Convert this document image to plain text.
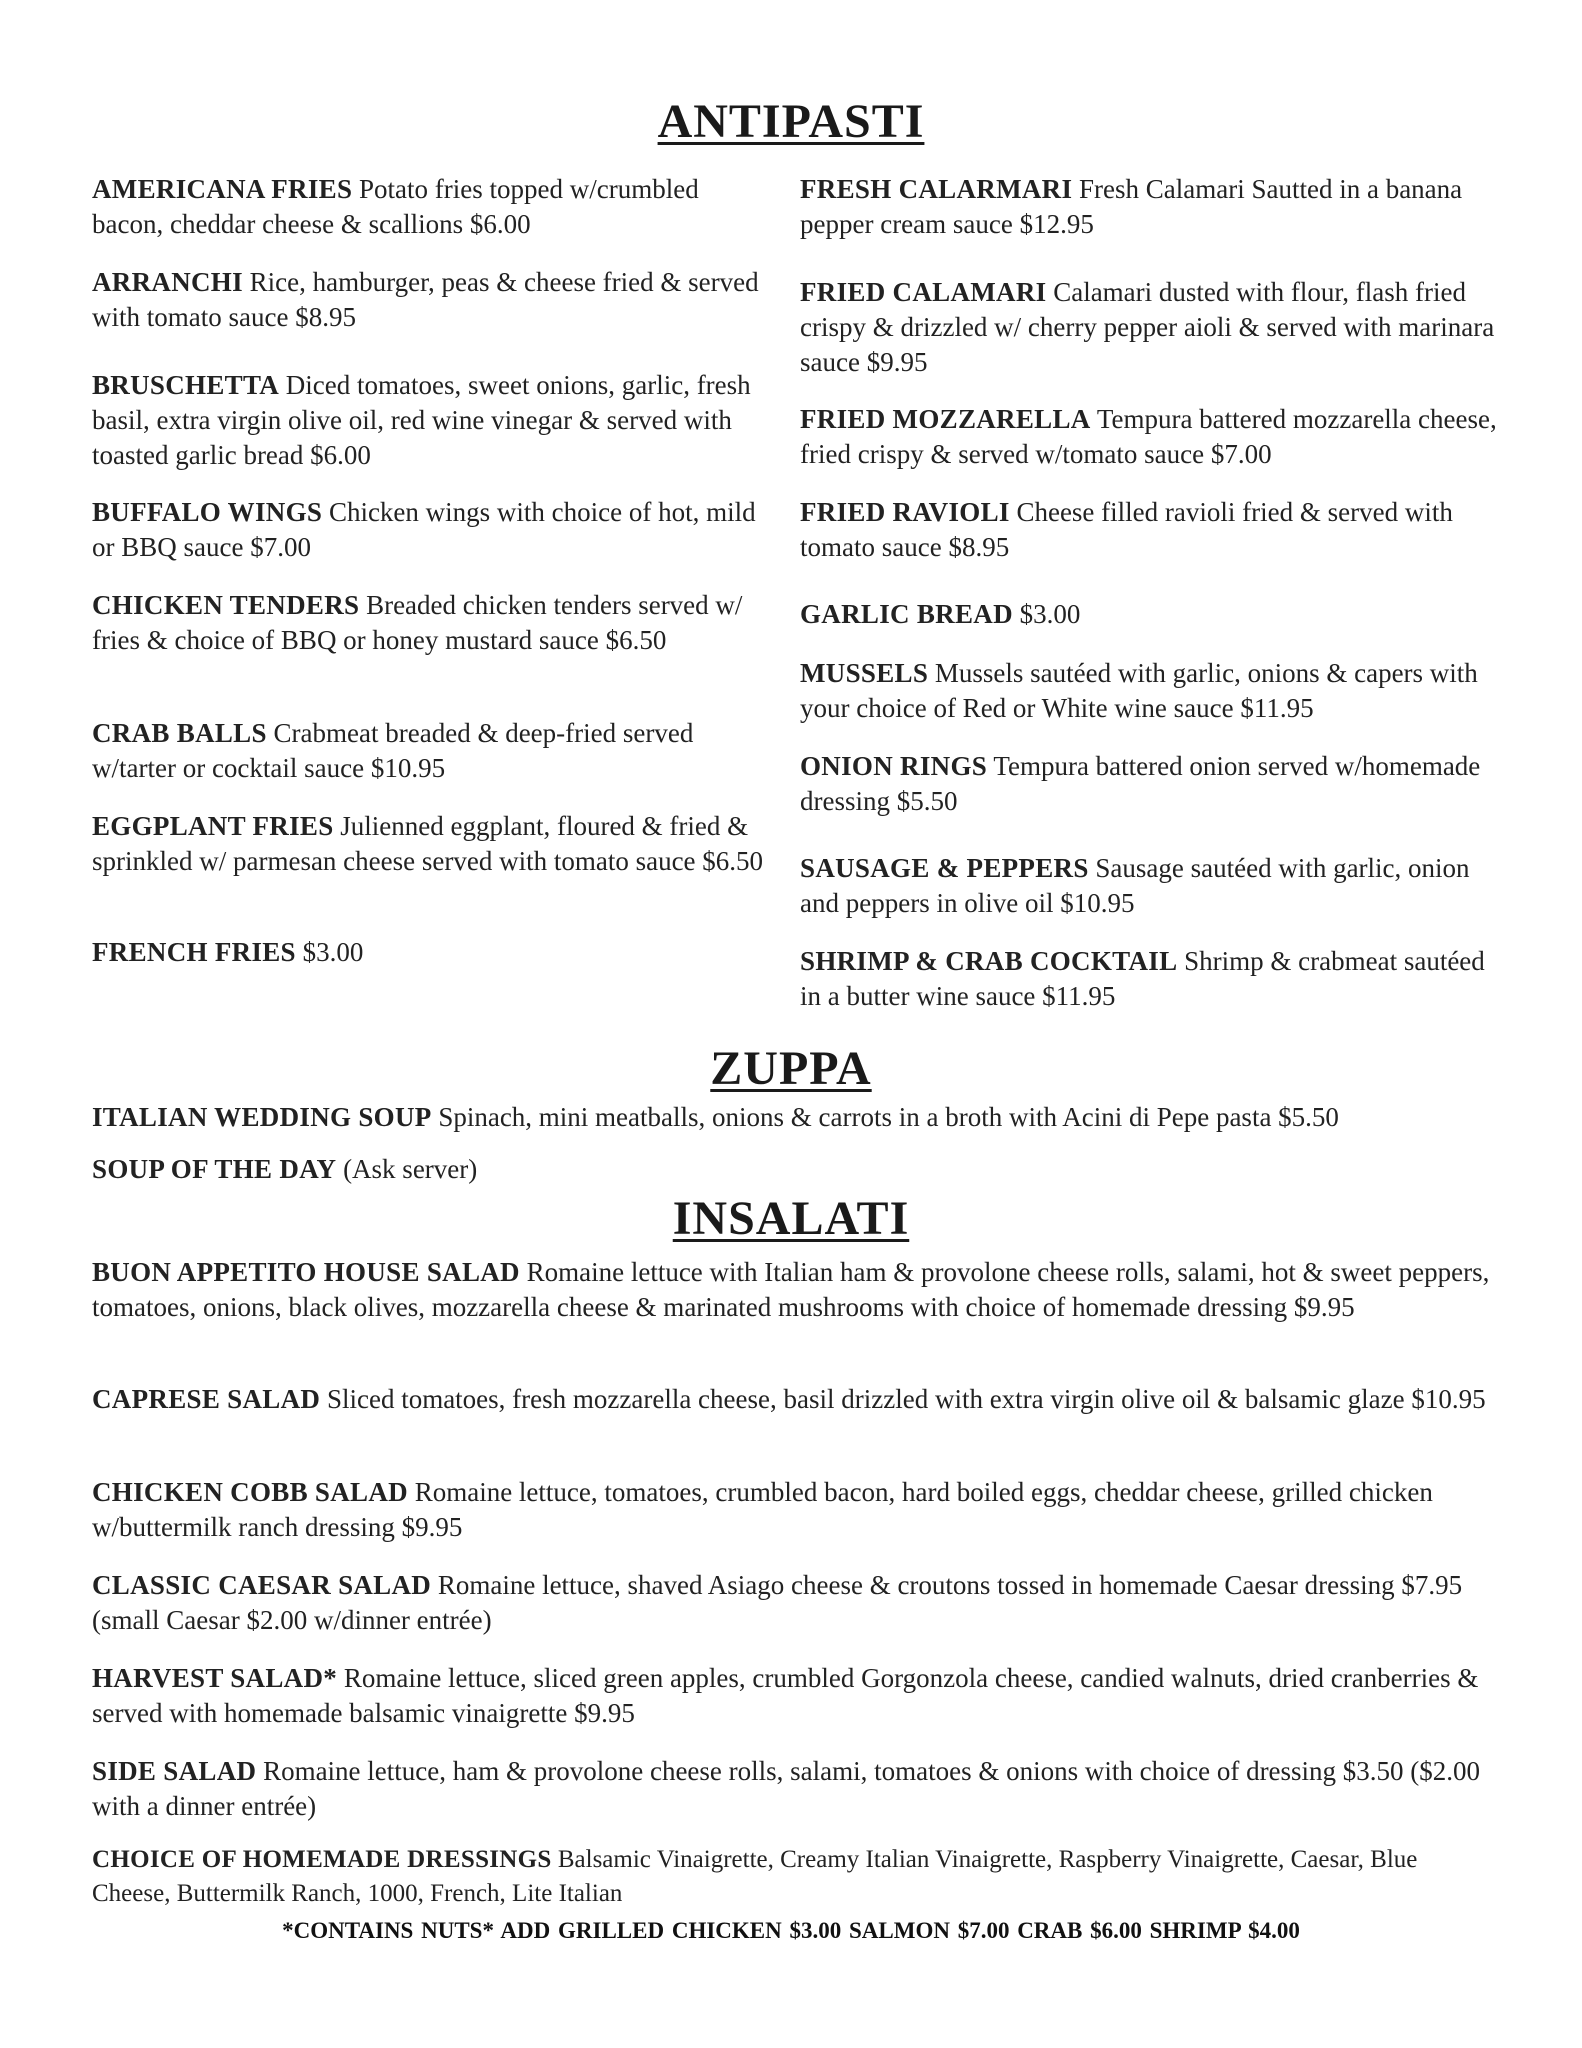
ANTIPASTI

AMERICANA FRIES Potato fries topped w/crumbled bacon, cheddar cheese & scallions $6.00

ARRANCHI Rice, hamburger, peas & cheese fried & served with tomato sauce $8.95

BRUSCHETTA Diced tomatoes, sweet onions, garlic, fresh basil, extra virgin olive oil, red wine vinegar & served with toasted garlic bread $6.00

BUFFALO WINGS Chicken wings with choice of hot, mild or BBQ sauce $7.00

CHICKEN TENDERS Breaded chicken tenders served w/ fries & choice of BBQ or honey mustard sauce $6.50

CRAB BALLS Crabmeat breaded & deep-fried served w/tarter or cocktail sauce $10.95

EGGPLANT FRIES Julienned eggplant, floured & fried & sprinkled w/ parmesan cheese served with tomato sauce $6.50

FRENCH FRIES $3.00

FRESH CALARMARI Fresh Calamari Sautted in a banana pepper cream sauce $12.95

FRIED CALAMARI Calamari dusted with flour, flash fried crispy & drizzled w/ cherry pepper aioli & served with marinara sauce $9.95

FRIED MOZZARELLA Tempura battered mozzarella cheese, fried crispy & served w/tomato sauce $7.00

FRIED RAVIOLI Cheese filled ravioli fried & served with tomato sauce $8.95

GARLIC BREAD $3.00

MUSSELS Mussels sautéed with garlic, onions & capers with your choice of Red or White wine sauce $11.95

ONION RINGS Tempura battered onion served w/homemade dressing $5.50

SAUSAGE & PEPPERS Sausage sautéed with garlic, onion and peppers in olive oil $10.95

SHRIMP & CRAB COCKTAIL Shrimp & crabmeat sautéed in a butter wine sauce $11.95

ZUPPA

ITALIAN WEDDING SOUP Spinach, mini meatballs, onions & carrots in a broth with Acini di Pepe pasta $5.50

SOUP OF THE DAY (Ask server)

INSALATI

BUON APPETITO HOUSE SALAD Romaine lettuce with Italian ham & provolone cheese rolls, salami, hot & sweet peppers, tomatoes, onions, black olives, mozzarella cheese & marinated mushrooms with choice of homemade dressing $9.95

CAPRESE SALAD Sliced tomatoes, fresh mozzarella cheese, basil drizzled with extra virgin olive oil & balsamic glaze $10.95

CHICKEN COBB SALAD Romaine lettuce, tomatoes, crumbled bacon, hard boiled eggs, cheddar cheese, grilled chicken w/buttermilk ranch dressing $9.95

CLASSIC CAESAR SALAD Romaine lettuce, shaved Asiago cheese & croutons tossed in homemade Caesar dressing $7.95 (small Caesar $2.00 w/dinner entrée)

HARVEST SALAD* Romaine lettuce, sliced green apples, crumbled Gorgonzola cheese, candied walnuts, dried cranberries & served with homemade balsamic vinaigrette $9.95

SIDE SALAD Romaine lettuce, ham & provolone cheese rolls, salami, tomatoes & onions with choice of dressing $3.50 ($2.00 with a dinner entrée)

CHOICE OF HOMEMADE DRESSINGS Balsamic Vinaigrette, Creamy Italian Vinaigrette, Raspberry Vinaigrette, Caesar, Blue Cheese, Buttermilk Ranch, 1000, French, Lite Italian

*CONTAINS NUTS* ADD GRILLED CHICKEN $3.00 SALMON $7.00 CRAB $6.00 SHRIMP $4.00
